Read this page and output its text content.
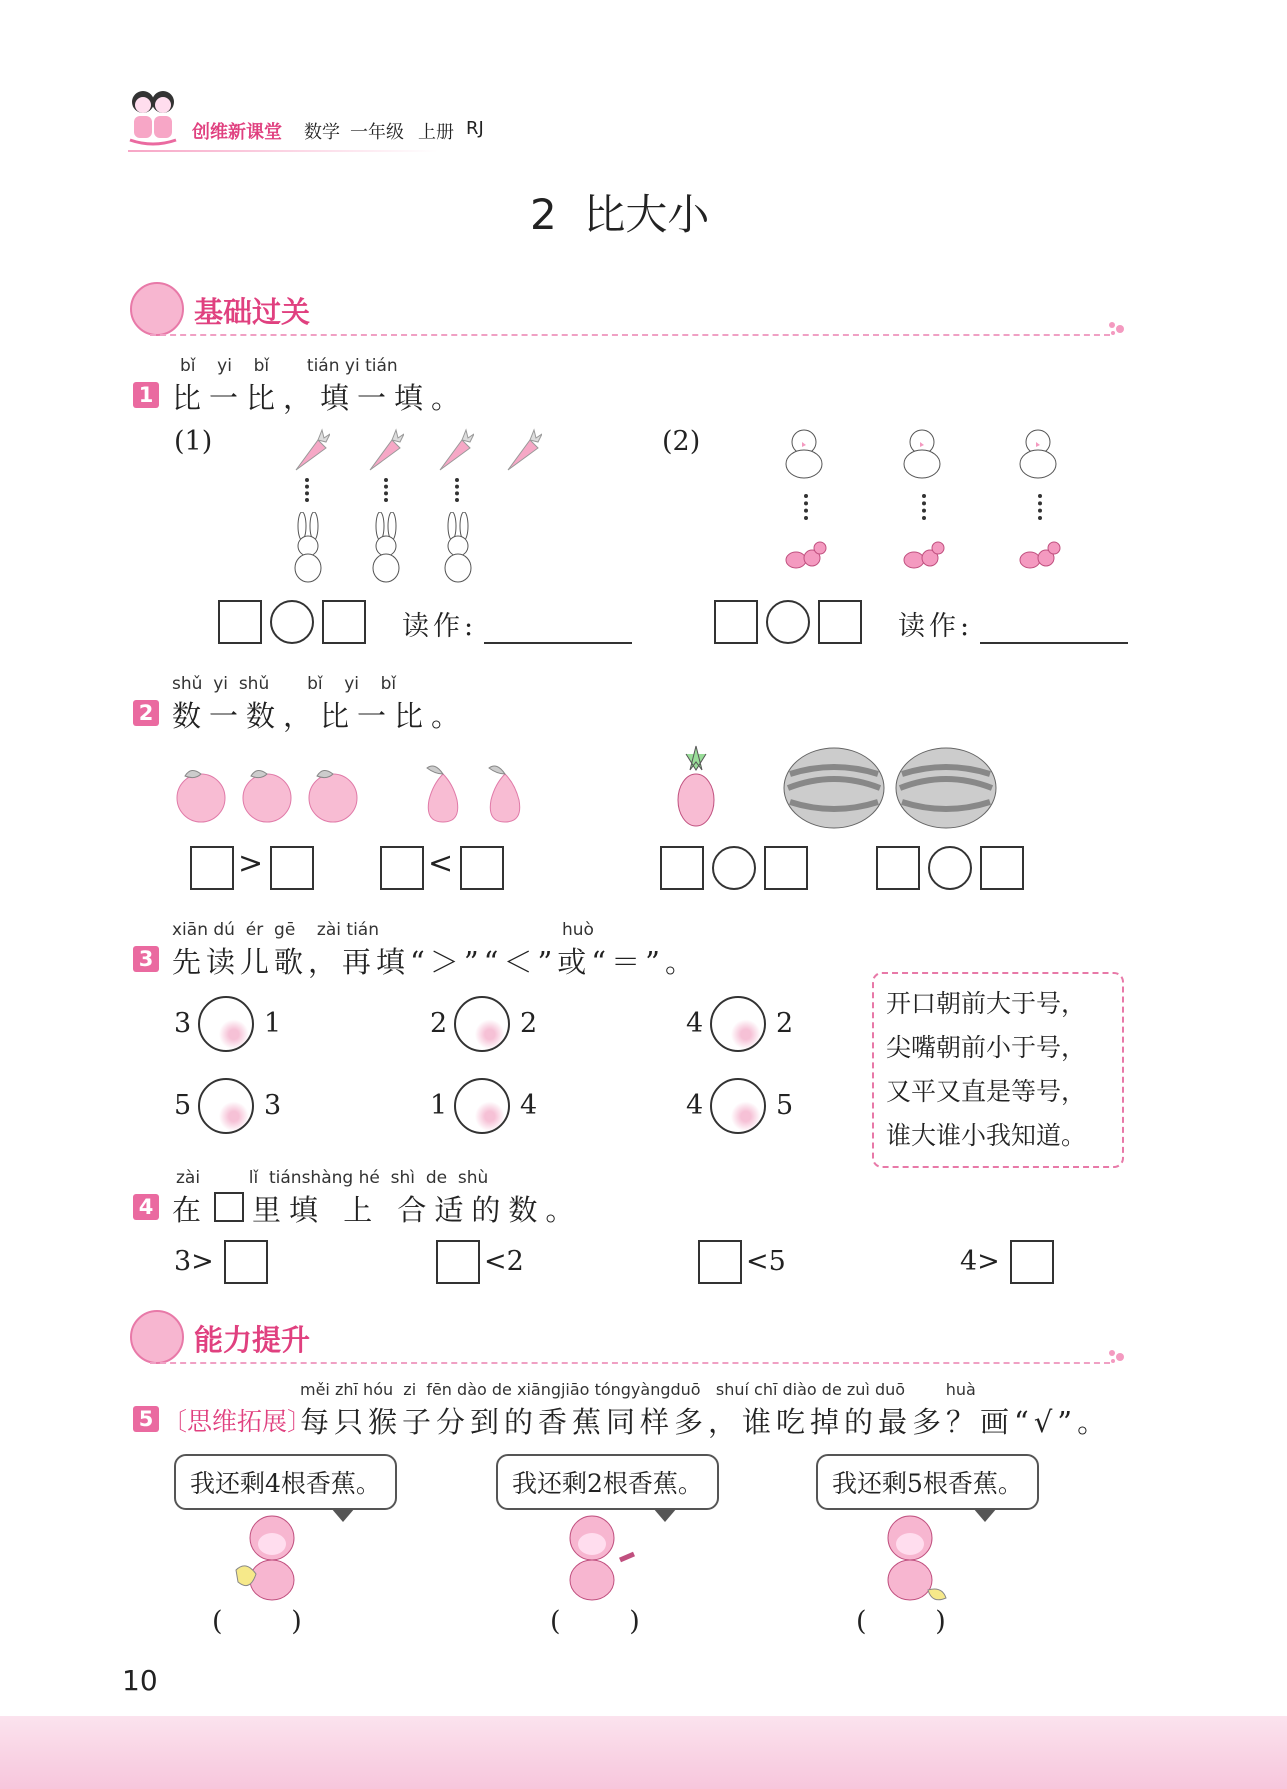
创维新课堂 数学 一年级 上册 RJ
2  比大小
基础过关
bǐ yi bǐ tián yi tián
1 比一比，填一填。
(1)	(2)
读作:	读作:
shǔ yi shǔ bǐ yi bǐ
2 数一数，比一比。
>	<
xiān dú ér gē zài tián	huò
3 先读儿歌，再填“＞”“＜”或“＝”。
3	1	2	2	4	2
5	3	1	4	4	5
开口朝前大于号，
尖嘴朝前小于号，
又平又直是等号，
谁大谁小我知道。
zài	lǐ tiánshàng hé shì de shù
4 在 里填 上 合适的数。
3>	<2	<5	4>
能力提升
měi zhī hóu zi fēn dào de xiāngjiāo tóngyàngduō shuí chī diào de zuì duō	huà
5 〔思维拓展〕
每只猴子分到的香蕉同样多，谁吃掉的最多？画“√”。
我还剩4根香蕉。	我还剩2根香蕉。	我还剩5根香蕉。
(        )	(        )	(        )
10
